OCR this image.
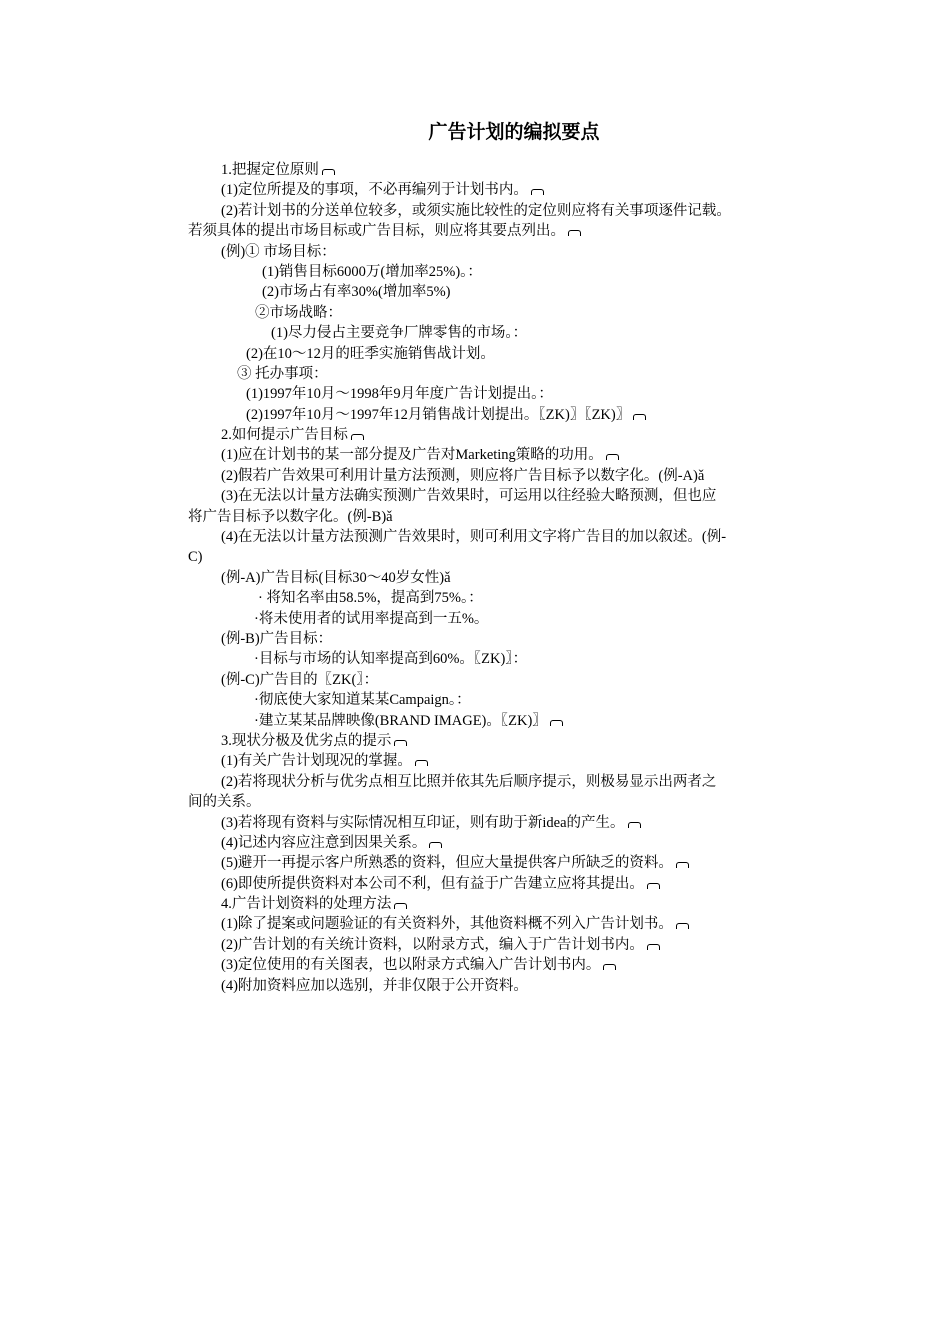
广告计划的编拟要点
1.把握定位原则
(1)定位所提及的事项，不必再编列于计划书内。
(2)若计划书的分送单位较多，或须实施比较性的定位则应将有关事项逐件记载。
若须具体的提出市场目标或广告目标，则应将其要点列出。
(例)① 市场目标：
(1)销售目标6000万(增加率25%)。：
(2)市场占有率30%(增加率5%)
②市场战略：
(1)尽力侵占主要竞争厂牌零售的市场。：
(2)在10～12月的旺季实施销售战计划。
③ 托办事项：
(1)1997年10月～1998年9月年度广告计划提出。：
(2)1997年10月～1997年12月销售战计划提出。〖ZK)〗〖ZK)〗
2.如何提示广告目标
(1)应在计划书的某一部分提及广告对Marketing策略的功用。
(2)假若广告效果可利用计量方法预测，则应将广告目标予以数字化。(例-A)ǎ
(3)在无法以计量方法确实预测广告效果时，可运用以往经验大略预测，但也应
将广告目标予以数字化。(例-B)ǎ
(4)在无法以计量方法预测广告效果时，则可利用文字将广告目的加以叙述。(例-
C)
(例-A)广告目标(目标30～40岁女性)ǎ
· 将知名率由58.5%，提高到75%。：
·将未使用者的试用率提高到一五%。
(例-B)广告目标：
·目标与市场的认知率提高到60%。〖ZK)〗：
(例-C)广告目的〖ZK(〗：
·彻底使大家知道某某Campaign。：
·建立某某品牌映像(BRAND IMAGE)。〖ZK)〗
3.现状分极及优劣点的提示
(1)有关广告计划现况的掌握。
(2)若将现状分析与优劣点相互比照并依其先后顺序提示，则极易显示出两者之
间的关系。
(3)若将现有资料与实际情况相互印证，则有助于新idea的产生。
(4)记述内容应注意到因果关系。
(5)避开一再提示客户所熟悉的资料，但应大量提供客户所缺乏的资料。
(6)即使所提供资料对本公司不利，但有益于广告建立应将其提出。
4.广告计划资料的处理方法
(1)除了提案或问题验证的有关资料外，其他资料概不列入广告计划书。
(2)广告计划的有关统计资料，以附录方式，编入于广告计划书内。
(3)定位使用的有关图表，也以附录方式编入广告计划书内。
(4)附加资料应加以选别，并非仅限于公开资料。
